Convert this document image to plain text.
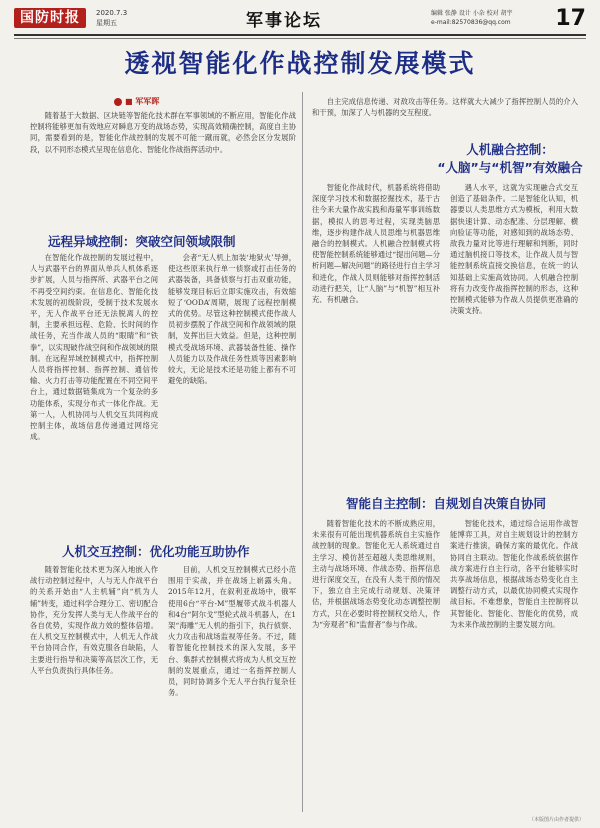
国防时报	2020.7.3
星期五	军事论坛	编辑 张静 设计 小杂 校对 胡宇
e-mail:82570836@qq.com 17
透视智能化作战控制发展模式
■ 军军晖

随着基于大数据、区块链等智能化技术群在军事领域的不断应用，智能化作战控制将能够更加有效地应对瞬息万变的战场态势，实现高效精确控制，高度自主协同，需要看到的是，智能化作战控制的发展不可能一蹴而就，必然会区分发展阶段，以不同形态模式呈现在信息化、智能化作战指挥活动中。

自主完成信息传递、对敌攻击等任务。这样就大大减少了指挥控制人员的介入和干预，加深了人与机器的交互程度。

远程异域控制：突破空间领域限制

在智能化作战控制的发展过程中，人与武器平台的界面从单兵人机体系逐步扩展，人员与指挥所、武器平台之间不再受空间约束。在信息化、智能化技术发展的初级阶段，受制于技术发展水平，无人作战平台还无法脱离人的控制，主要承担远程、危险、长时间的作战任务，充当作战人员的“眼睛”和“铁拳”，以实现破作战空间和作战领域的限制。在远程异域控制模式中，指挥控制人员将指挥控制、指挥控制、通信传输、火力打击等功能配置在不同空间平台上，通过数据链集成为一个复杂的多功能体系，实现分布式一体化作战。无第一人，人机协同与人机交互共同构成控制主体，战场信息传递通过网络完成。

会者“无人机上加装‘地狱火’导弹，使这些原来执行单一侦察或打击任务的武器装备，具备侦察与打击双重功能，能够发现目标后立即实施攻击，有效缩短了‘OODA’周期，展现了远程控制模式的优势。尽管这种控制模式使作战人员初步摆脱了作战空间和作战领域的限制，发挥出巨大效益。但是，这种控制模式受战场环境、武器装备性能、操作人员能力以及作战任务性质等因素影响较大，无论是技术还是功能上都有不可避免的缺陷。

人机交互控制：优化功能互助协作

随着智能化技术更为深入地嵌入作战行动控制过程中，人与无人作战平台的关系开始由“人主机辅”向“机为人辅”转变，通过科学合理分工、密切配合协作，充分发挥人类与无人作战平台的各自优势，实现作战力效的整体倍增。在人机交互控制模式中，人机无人作战平台协同合作，有效克服各自缺陷，人主要进行指导和决策等高层次工作，无人平台负责执行具体任务。

目前，人机交互控制模式已经小范围用于实战，并在战场上崭露头角。2015年12月，在叙利亚战场中，俄军使用6台“平台-M”型履带式战斗机器人和4台“阿尔戈”型轮式战斗机器人，在1架“海雕”无人机的指引下，执行侦察、火力攻击和战场监视等任务。不过，随着智能化控制技术的深入发展，多平台、集群式控制模式将成为人机交互控制的发展重点，通过一名指挥控制人员，同时协调多个无人平台执行复杂任务。

人机融合控制：
“人脑”与“机智”有效融合

智能化作战时代，机器系统将借助深度学习技术和数据挖掘技术，基于古往今来大量作战实践和海量军事训练数据，模拟人的思考过程，实现类脑思维，逐步构建作战人员思维与机器思维融合的控制模式。人机融合控制模式将使智能控制系统能够通过“提出问题—分析问题—解决问题”的路径进行自主学习和进化，作战人员则能够对指挥控制活动进行把关，让“人脑”与“机智”相互补充、有机融合。

遇人水平，这就为实现融合式交互创造了基础条件。二是智能化认知，机器要以人类思维方式为模板，利用大数据快速计算、动态配准、分层理解、横向验证等功能，对感知到的战场态势、敌我力量对比等进行理解和判断，同时通过脑机接口等技术，让作战人员与智能控制系统直接交换信息，在统一的认知基础上实施高效协同。人机融合控制将有力改变作战指挥控制的形态，这种控制模式能够为作战人员提供更准确的决策支持。

智能自主控制：自规划自决策自协同

随着智能化技术的不断成熟应用，未来很有可能出现机器系统自主实施作战控制的现象。智能化无人系统通过自主学习、模仿甚至超越人类思维规则，主动与战场环境、作战态势、指挥信息进行深度交互，在没有人类干预的情况下，独立自主完成行动规划、决策评估，并根据战场态势变化动态调整控制方式，只在必要时将控制权交给人，作为“旁观者”和“监督者”参与作战。

智能化技术，通过综合运用作战智能博弈工具，对自主规划设计的控制方案进行推演，确保方案的最优化。作战协同自主联动。智能化作战系统依据作战方案进行自主行动，各平台能够实时共享战场信息，根据战场态势变化自主调整行动方式，以最优协同模式实现作战目标。不难想象，智能自主控制将以其智能化、智能化、智能化的优势，成为未来作战控制的主要发展方向。

（本版图片由作者提供）
